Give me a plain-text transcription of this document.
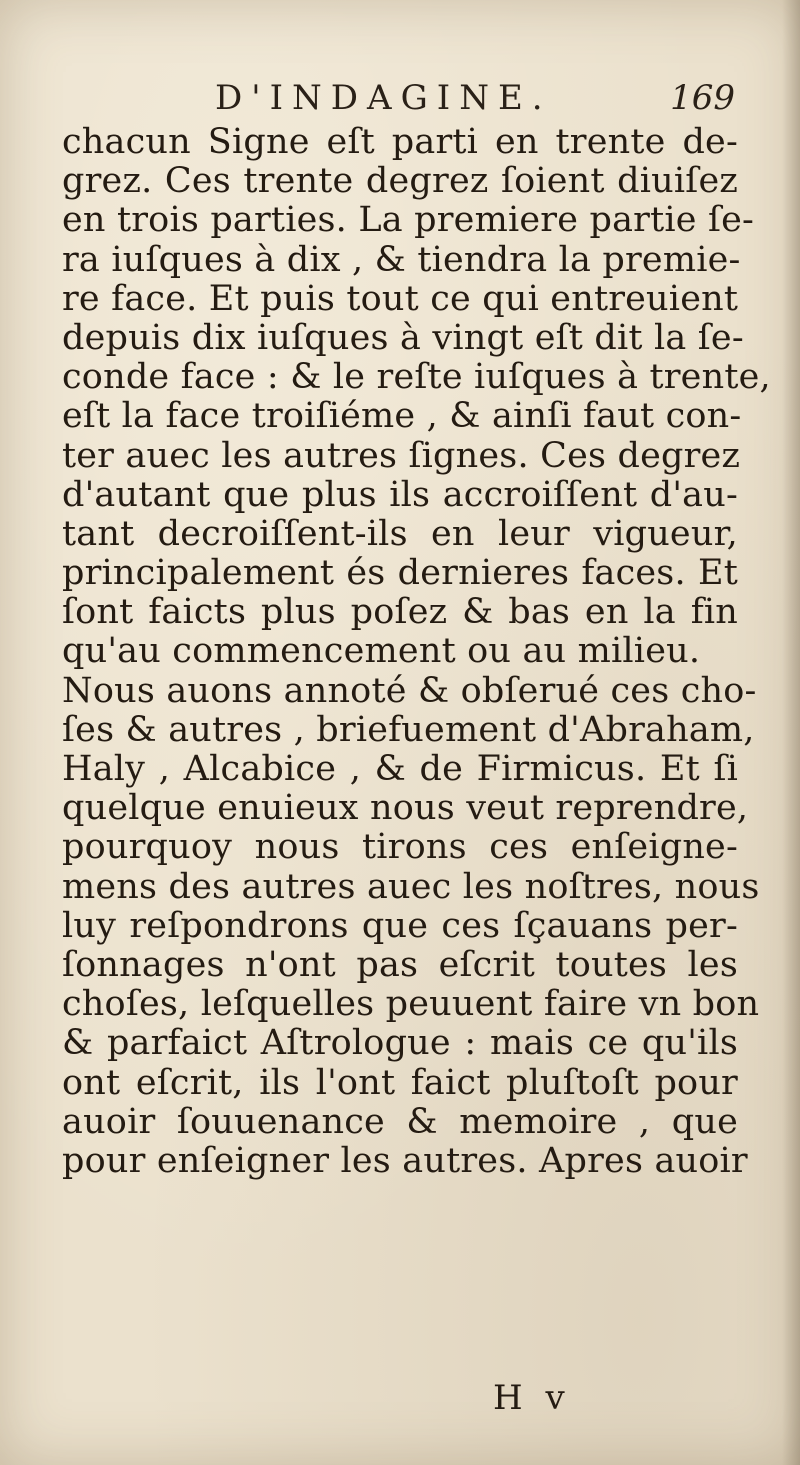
D'INDAGINE.	169
chacun Signe eſt parti en trente de-
grez. Ces trente degrez ſoient diuiſez
en trois parties. La premiere partie ſe-
ra iuſques à dix , & tiendra la premie-
re face. Et puis tout ce qui entreuient
depuis dix iuſques à vingt eſt dit la ſe-
conde face : & le reſte iuſques à trente,
eſt la face troiſiéme , & ainſi faut con-
ter auec les autres ſignes. Ces degrez
d'autant que plus ils accroiſſent d'au-
tant decroiſſent-ils en leur vigueur,
principalement és dernieres faces. Et
ſont faicts plus poſez & bas en la fin
qu'au commencement ou au milieu.
Nous auons annoté & obſerué ces cho-
ſes & autres , briefuement d'Abraham,
Haly , Alcabice , & de Firmicus. Et ſi
quelque enuieux nous veut reprendre,
pourquoy nous tirons ces enſeigne-
mens des autres auec les noſtres, nous
luy reſpondrons que ces ſçauans per-
ſonnages n'ont pas eſcrit toutes les
choſes, leſquelles peuuent faire vn bon
& parfaict Aſtrologue : mais ce qu'ils
ont eſcrit, ils l'ont faict pluſtoſt pour
auoir ſouuenance & memoire , que
pour enſeigner les autres. Apres auoir
H v
